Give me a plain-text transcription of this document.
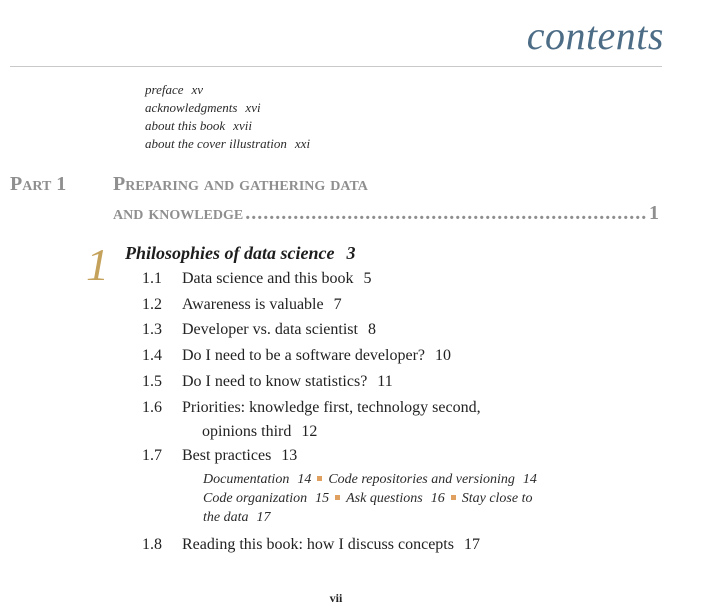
contents
preface xv
acknowledgments xvi
about this book xvii
about the cover illustration xxi
Part 1 Preparing and gathering data
and knowledge
.....	1
1 Philosophies of data science 3
1.1 Data science and this book 5
1.2 Awareness is valuable 7
1.3 Developer vs. data scientist 8
1.4 Do I need to be a software developer? 10
1.5 Do I need to know statistics? 11
1.6 Priorities: knowledge first, technology second,
opinions third 12
1.7 Best practices 13
Documentation 14 Code repositories and versioning 14
Code organization 15 Ask questions 16 Stay close to
the data 17
1.8 Reading this book: how I discuss concepts 17
vii
